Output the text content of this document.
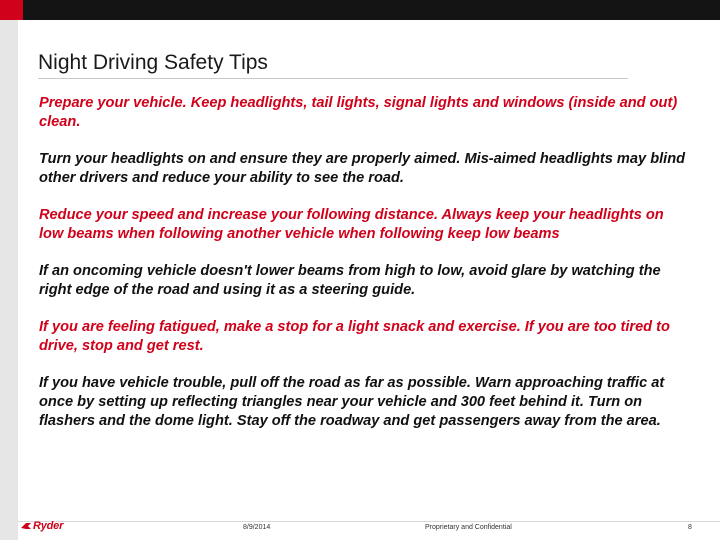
Night Driving Safety Tips

Prepare your vehicle. Keep headlights, tail lights, signal lights and windows (inside and out) clean.

Turn your headlights on and ensure they are properly aimed. Mis-aimed headlights may blind other drivers and reduce your ability to see the road.

Reduce your speed and increase your following distance. Always keep your headlights on low beams when following another vehicle when following keep low beams

If an oncoming vehicle doesn't lower beams from high to low, avoid glare by watching the right edge of the road and using it as a steering guide.

If you are feeling fatigued, make a stop for a light snack and exercise. If you are too tired to drive, stop and get rest.

If you have vehicle trouble, pull off the road as far as possible. Warn approaching traffic at once by setting up reflecting triangles near your vehicle and 300 feet behind it. Turn on flashers and the dome light. Stay off the roadway and get passengers away from the area.

Ryder	8/9/2014	Proprietary and Confidential	8
